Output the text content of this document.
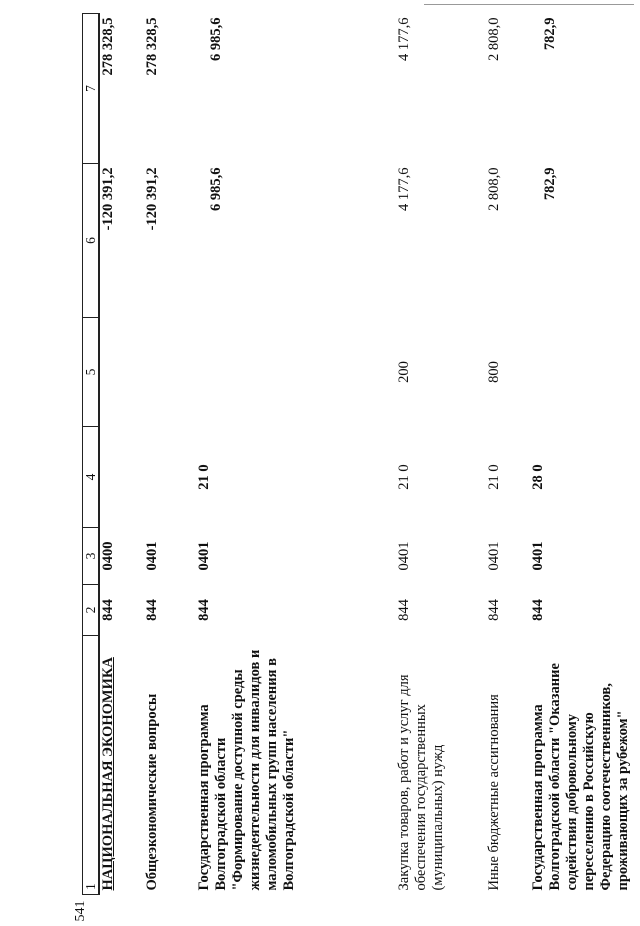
541
1	2	3	4	5	6	7
НАЦИОНАЛЬНАЯ ЭКОНОМИКА	844	0400			-120 391,2	278 328,5
Общеэкономические вопросы	844	0401			-120 391,2	278 328,5
Государственная программа Волгоградской области "Формирование доступной среды жизнедеятельности для инвалидов и маломобильных групп населения в Волгоградской области"	844	0401	21 0		6 985,6	6 985,6
Закупка товаров, работ и услуг для обеспечения государственных (муниципальных) нужд	844	0401	21 0	200	4 177,6	4 177,6
Иные бюджетные ассигнования	844	0401	21 0	800	2 808,0	2 808,0
Государственная программа Волгоградской области "Оказание содействия добровольному переселению в Российскую Федерацию соотечественников, проживающих за рубежом"	844	0401	28 0		782,9	782,9
